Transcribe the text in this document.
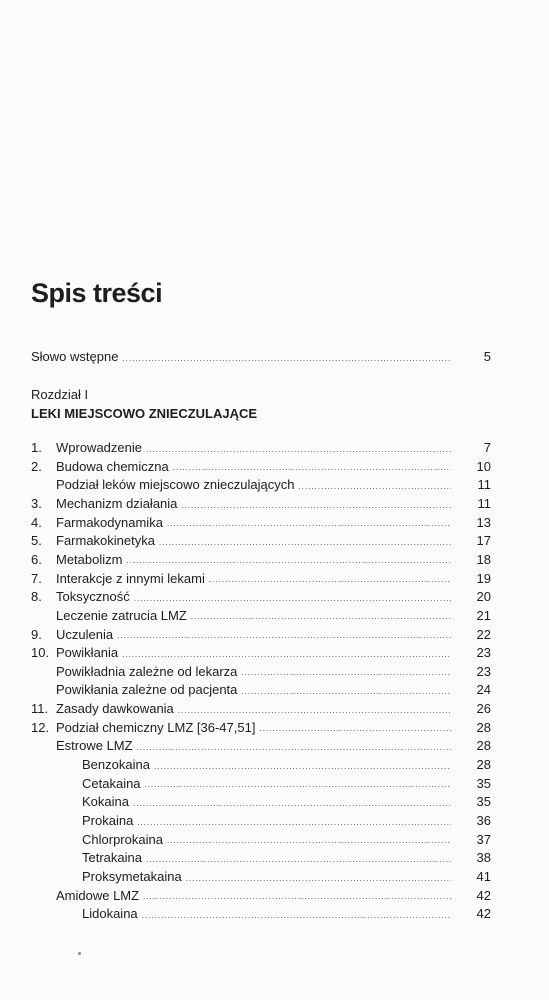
Spis treści
Słowo wstępne .....	5
Rozdział I
LEKI MIEJSCOWO ZNIECZULAJĄCE
1.	Wprowadzenie .....	7
2.	Budowa chemiczna .....	10
Podział leków miejscowo znieczulających .....	11
3.	Mechanizm działania .....	11
4.	Farmakodynamika .....	13
5.	Farmakokinetyka .....	17
6.	Metabolizm .....	18
7.	Interakcje z innymi lekami .....	19
8.	Toksyczność .....	20
Leczenie zatrucia LMZ .....	21
9.	Uczulenia .....	22
10. Powikłania .....	23
Powikładnia zależne od lekarza .....	23
Powikłania zależne od pacjenta .....	24
11. Zasady dawkowania .....	26
12. Podział chemiczny LMZ [36-47,51] .....	28
Estrowe LMZ .....	28
Benzokaina .....	28
Cetakaina .....	35
Kokaina .....	35
Prokaina .....	36
Chlorprokaina .....	37
Tetrakaina .....	38
Proksymetakaina .....	41
Amidowe LMZ .....	42
Lidokaina .....	42
